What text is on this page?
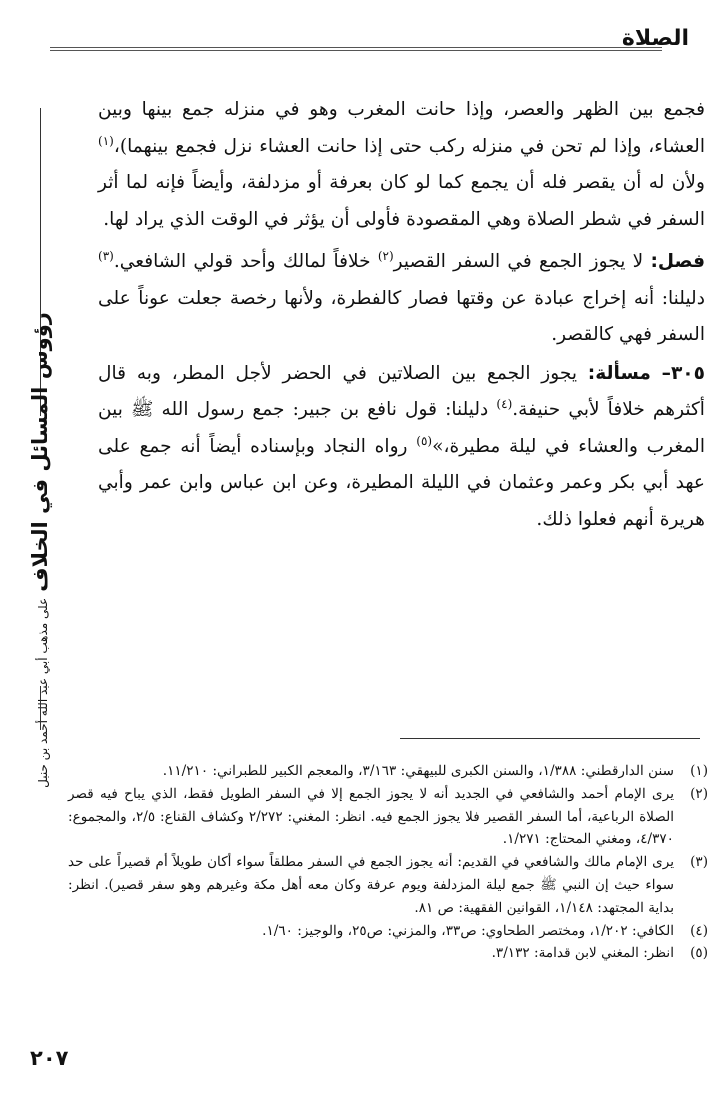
الصلاة
رؤوس المسائل في الخلاف
على مذهب أبي عبد الله أحمد بن حنبل

فجمع بين الظهر والعصر، وإذا حانت المغرب وهو في منزله جمع بينها وبين العشاء، وإذا لم تحن في منزله ركب حتى إذا حانت العشاء نزل فجمع بينهما)،$^{(١)}$ ولأن له أن يقصر فله أن يجمع كما لو كان بعرفة أو مزدلفة، وأيضاً فإنه لما أثر السفر في شطر الصلاة وهي المقصودة فأولى أن يؤثر في الوقت الذي يراد لها.

فصل: لا يجوز الجمع في السفر القصير$^{(٢)}$ خلافاً لمالك وأحد قولي الشافعي.$^{(٣)}$ دليلنا: أنه إخراج عبادة عن وقتها فصار كالفطرة، ولأنها رخصة جعلت عوناً على السفر فهي كالقصر.

٣٠٥– مسألة: يجوز الجمع بين الصلاتين في الحضر لأجل المطر، وبه قال أكثرهم خلافاً لأبي حنيفة.$^{(٤)}$ دليلنا: قول نافع بن جبير: جمع رسول الله ﷺ بين المغرب والعشاء في ليلة مطيرة،»$^{(٥)}$ رواه النجاد وبإسناده أيضاً أنه جمع على عهد أبي بكر وعمر وعثمان في الليلة المطيرة، وعن ابن عباس وابن عمر وأبي هريرة أنهم فعلوا ذلك.

(١)
سنن الدارقطني: ١/٣٨٨، والسنن الكبرى للبيهقي: ٣/١٦٣، والمعجم الكبير للطبراني: ١١/٢١٠.
(٢)
يرى الإمام أحمد والشافعي في الجديد أنه لا يجوز الجمع إلا في السفر الطويل فقط، الذي يباح فيه قصر الصلاة الرباعية، أما السفر القصير فلا يجوز الجمع فيه. انظر: المغني: ٢/٢٧٢ وكشاف القناع: ٢/٥، والمجموع: ٤/٣٧٠، ومغني المحتاج: ١/٢٧١.
(٣)
يرى الإمام مالك والشافعي في القديم: أنه يجوز الجمع في السفر مطلقاً سواء أكان طويلاً أم قصيراً على حد سواء حيث إن النبي ﷺ جمع ليلة المزدلفة ويوم عرفة وكان معه أهل مكة وغيرهم وهو سفر قصير). انظر: بداية المجتهد: ١/١٤٨، القوانين الفقهية: ص ٨١.
(٤)
الكافي: ١/٢٠٢، ومختصر الطحاوي: ص٣٣، والمزني: ص٢٥، والوجيز: ١/٦٠.
(٥)
انظر: المغني لابن قدامة: ٣/١٣٢.
٢٠٧
